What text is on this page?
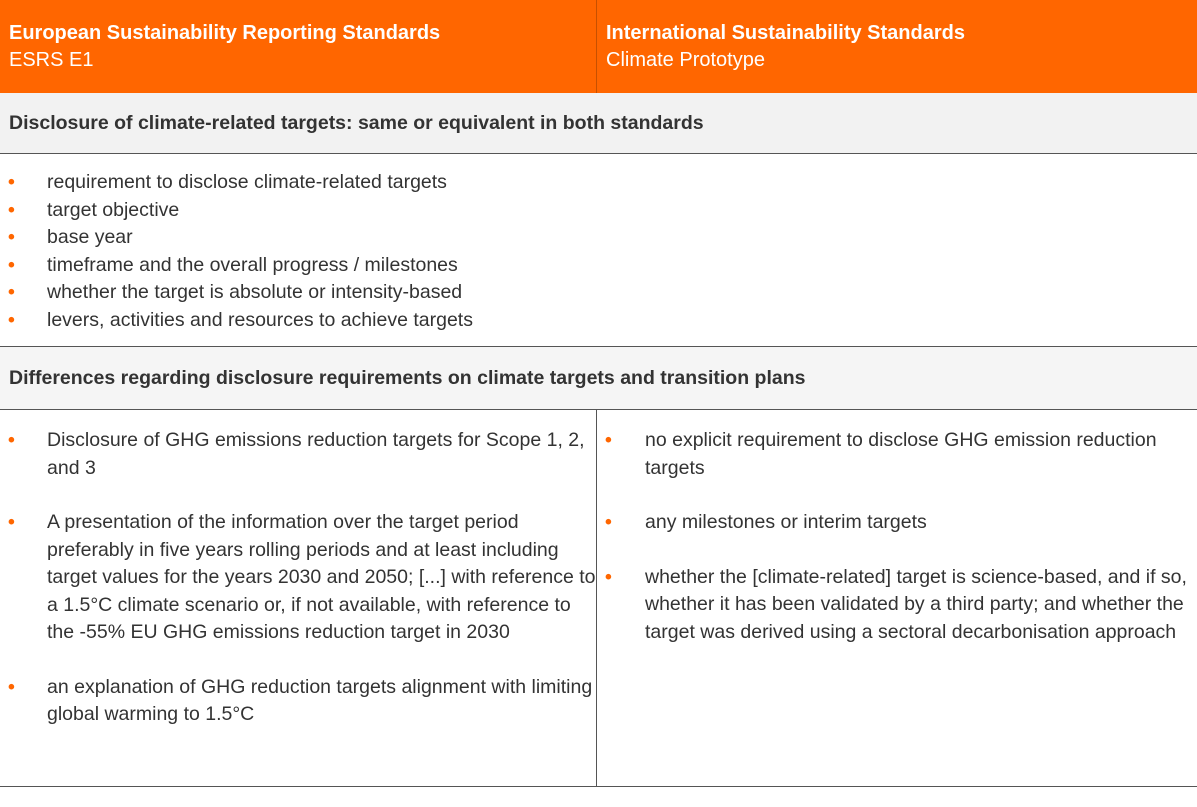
European Sustainability Reporting Standards
ESRS E1
International Sustainability Standards
Climate Prototype
Disclosure of climate-related targets: same or equivalent in both standards
• requirement to disclose climate-related targets
• target objective
• base year
• timeframe and the overall progress / milestones
• whether the target is absolute or intensity-based
• levers, activities and resources to achieve targets
Differences regarding disclosure requirements on climate targets and transition plans
• Disclosure of GHG emissions reduction targets for Scope 1, 2, and 3
• A presentation of the information over the target period preferably in five years rolling periods and at least including target values for the years 2030 and 2050; [...] with reference to a 1.5°C climate scenario or, if not available, with reference to the -55% EU GHG emissions reduction target in 2030
• an explanation of GHG reduction targets alignment with limiting global warming to 1.5°C
• no explicit requirement to disclose GHG emission reduction targets
• any milestones or interim targets
• whether the [climate-related] target is science-based, and if so, whether it has been validated by a third party; and whether the target was derived using a sectoral decarbonisation approach
